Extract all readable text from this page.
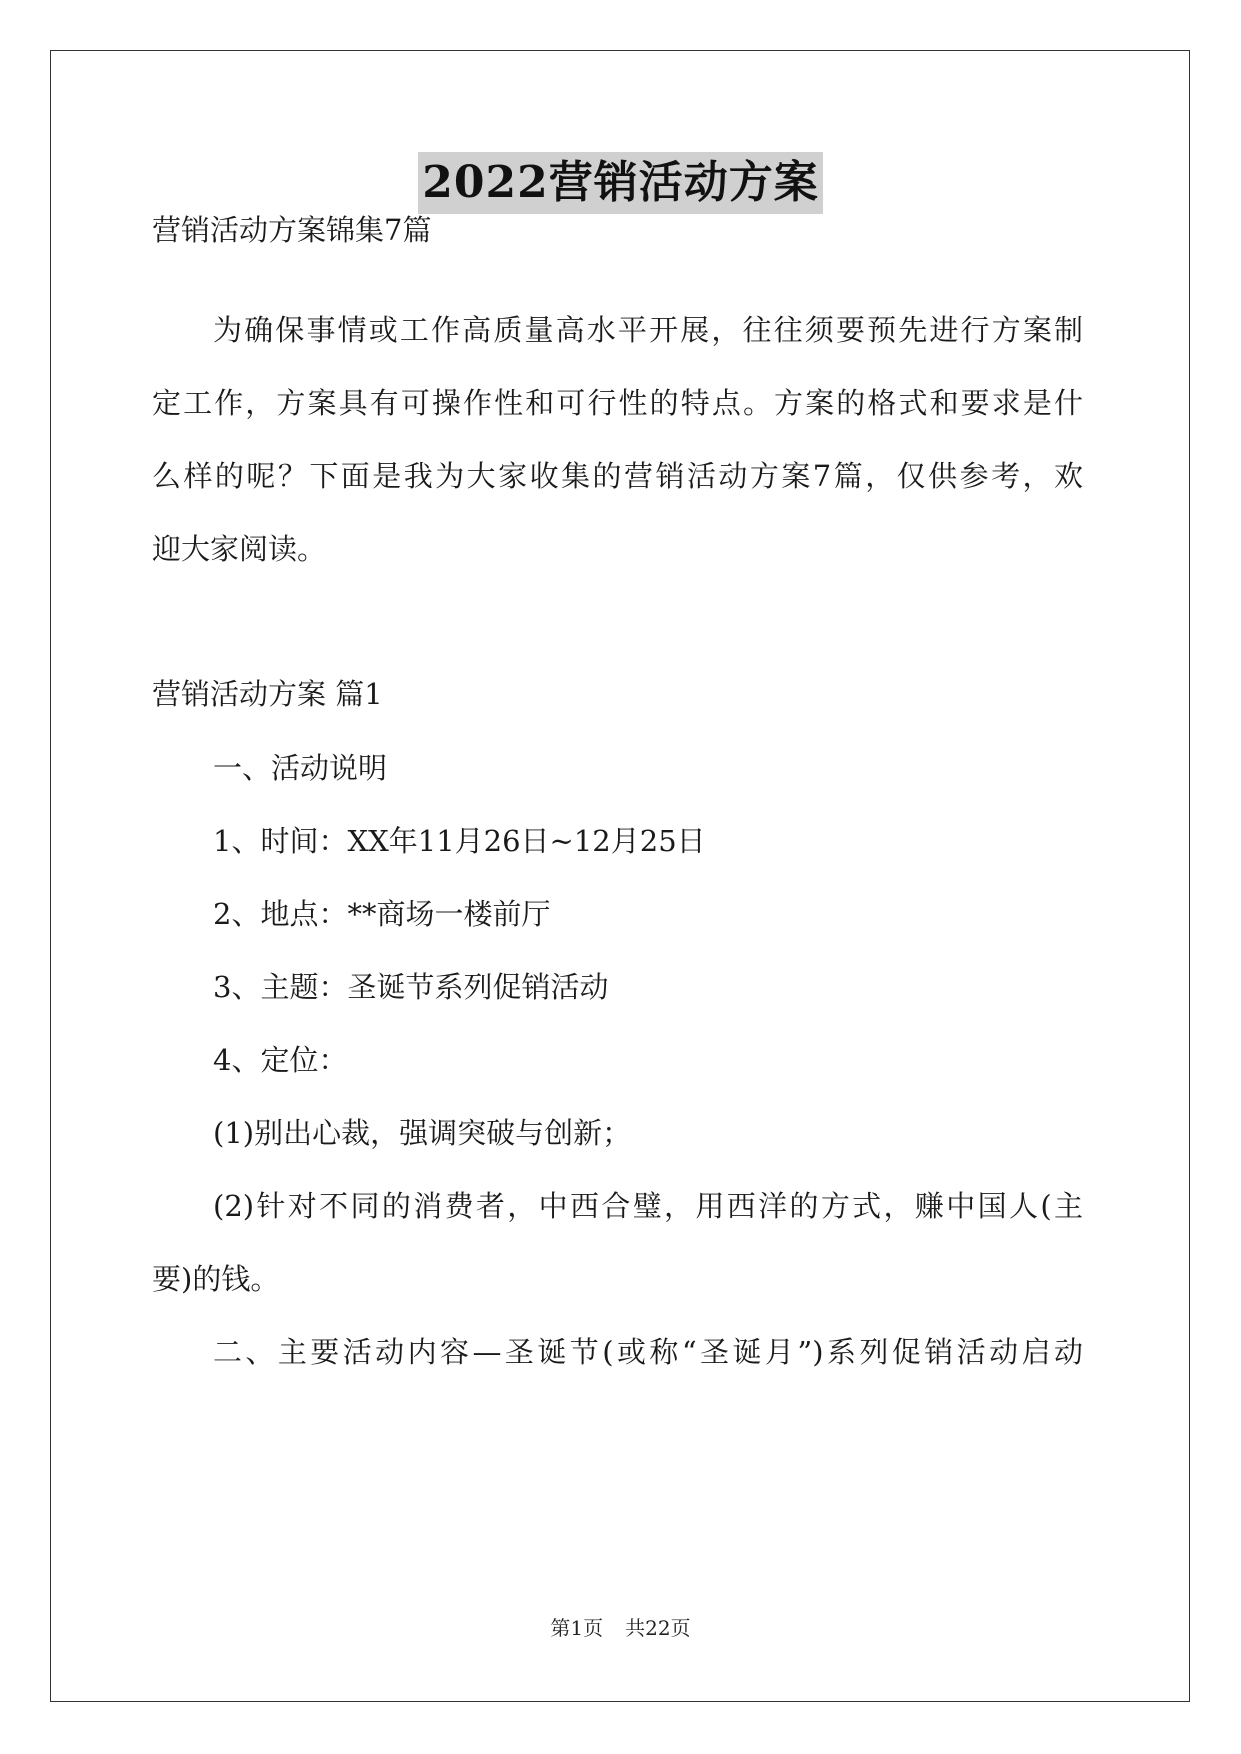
2022营销活动方案
营销活动方案锦集7篇
为确保事情或工作高质量高水平开展，往往须要预先进行方案制
定工作，方案具有可操作性和可行性的特点。方案的格式和要求是什
么样的呢？下面是我为大家收集的营销活动方案7篇，仅供参考，欢
迎大家阅读。
营销活动方案 篇1
一、活动说明
1、时间：XX年11月26日~12月25日
2、地点：**商场一楼前厅
3、主题：圣诞节系列促销活动
4、定位：
(1)别出心裁，强调突破与创新；
(2)针对不同的消费者，中西合璧，用西洋的方式，赚中国人(主
要)的钱。
二、主要活动内容—圣诞节(或称“圣诞月”)系列促销活动启动
第1页 共22页
